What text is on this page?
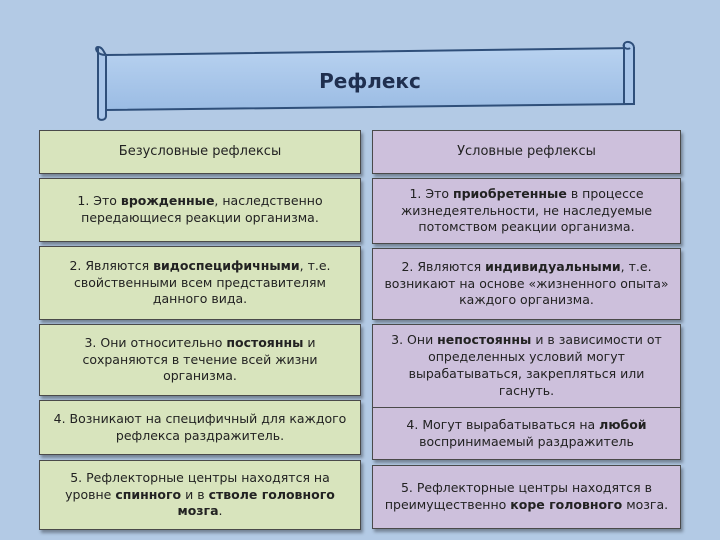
Рефлекс
Безусловные рефлексы	Условные рефлексы
1. Это врожденные, наследственно передающиеся реакции организма.
2. Являются видоспецифичными, т.е. свойственными всем представителям данного вида.
3. Они относительно постоянны и сохраняются в течение всей жизни организма.
4. Возникают на специфичный для каждого рефлекса раздражитель.
5. Рефлекторные центры находятся на уровне спинного и в стволе головного мозга.
1. Это приобретенные в процессе жизнедеятельности, не наследуемые потомством реакции организма.
2. Являются индивидуальными, т.е. возникают на основе «жизненного опыта» каждого организма.
3. Они непостоянны и в зависимости от определенных условий могут вырабатываться, закрепляться или гаснуть.
4. Могут вырабатываться на любой воспринимаемый раздражитель
5. Рефлекторные центры находятся в преимущественно коре головного мозга.
